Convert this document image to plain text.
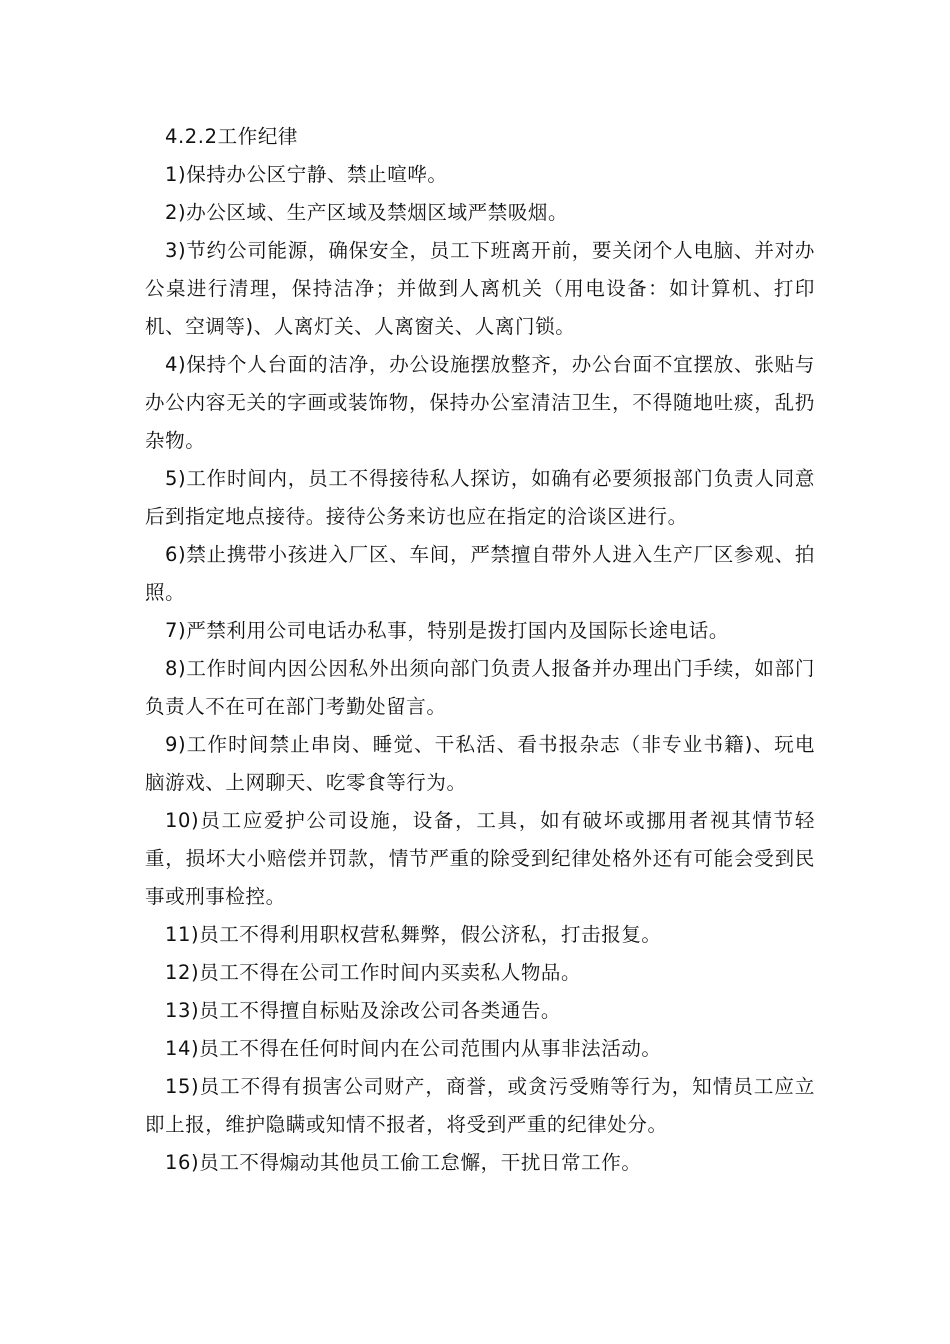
4.2.2工作纪律

1)保持办公区宁静、禁止喧哗。

2)办公区域、生产区域及禁烟区域严禁吸烟。

3)节约公司能源，确保安全，员工下班离开前，要关闭个人电脑、并对办公桌进行清理，保持洁净；并做到人离机关（用电设备：如计算机、打印机、空调等)、人离灯关、人离窗关、人离门锁。

4)保持个人台面的洁净，办公设施摆放整齐，办公台面不宜摆放、张贴与办公内容无关的字画或装饰物，保持办公室清洁卫生，不得随地吐痰，乱扔杂物。

5)工作时间内，员工不得接待私人探访，如确有必要须报部门负责人同意后到指定地点接待。接待公务来访也应在指定的洽谈区进行。

6)禁止携带小孩进入厂区、车间，严禁擅自带外人进入生产厂区参观、拍照。

7)严禁利用公司电话办私事，特别是拨打国内及国际长途电话。

8)工作时间内因公因私外出须向部门负责人报备并办理出门手续，如部门负责人不在可在部门考勤处留言。

9)工作时间禁止串岗、睡觉、干私活、看书报杂志（非专业书籍)、玩电脑游戏、上网聊天、吃零食等行为。

10)员工应爱护公司设施，设备，工具，如有破坏或挪用者视其情节轻重，损坏大小赔偿并罚款，情节严重的除受到纪律处格外还有可能会受到民事或刑事检控。

11)员工不得利用职权营私舞弊，假公济私，打击报复。

12)员工不得在公司工作时间内买卖私人物品。

13)员工不得擅自标贴及涂改公司各类通告。

14)员工不得在任何时间内在公司范围内从事非法活动。

15)员工不得有损害公司财产，商誉，或贪污受贿等行为，知情员工应立即上报，维护隐瞒或知情不报者，将受到严重的纪律处分。

16)员工不得煽动其他员工偷工怠懈，干扰日常工作。
